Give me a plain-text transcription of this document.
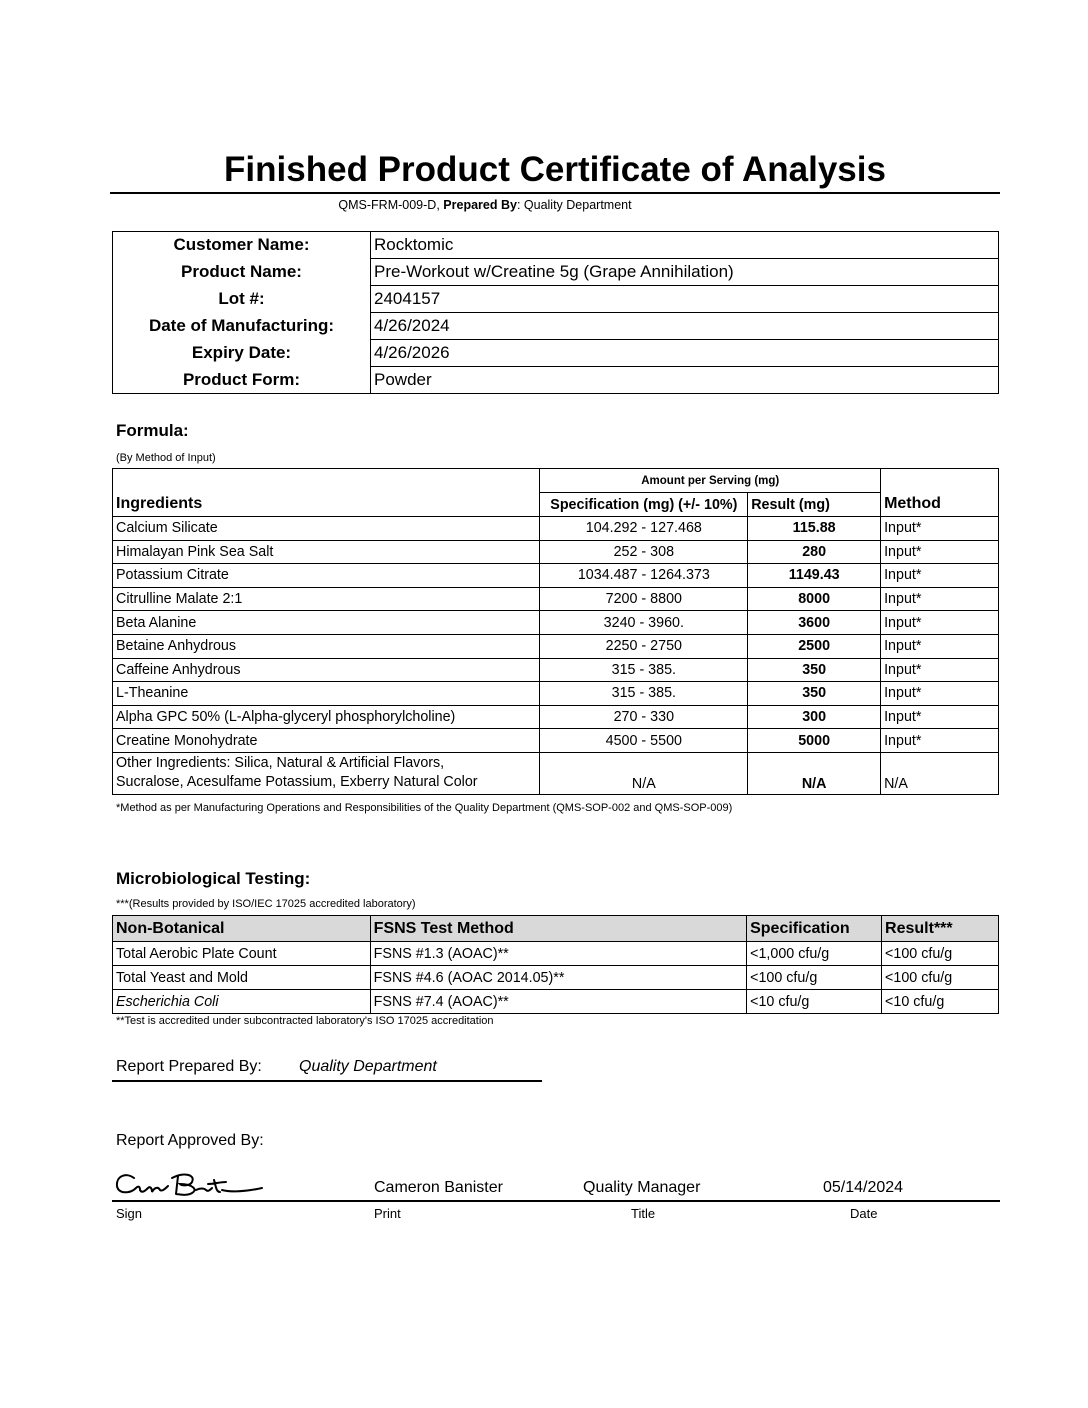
Finished Product Certificate of Analysis
QMS-FRM-009-D, Prepared By: Quality Department
Customer Name:	Rocktomic
Product Name:	Pre-Workout w/Creatine 5g (Grape Annihilation)
Lot #:	2404157
Date of Manufacturing:	4/26/2024
Expiry Date:	4/26/2026
Product Form:	Powder
Formula:
(By Method of Input)
Ingredients	Amount per Serving (mg)		Method
	Specification (mg) (+/- 10%)	Result (mg)	
Calcium Silicate	104.292 - 127.468	115.88	Input*
Himalayan Pink Sea Salt	252 - 308	280	Input*
Potassium Citrate	1034.487 - 1264.373	1149.43	Input*
Citrulline Malate 2:1	7200 - 8800	8000	Input*
Beta Alanine	3240 - 3960.	3600	Input*
Betaine Anhydrous	2250 - 2750	2500	Input*
Caffeine Anhydrous	315 - 385.	350	Input*
L-Theanine	315 - 385.	350	Input*
Alpha GPC 50% (L-Alpha-glyceryl phosphorylcholine)	270 - 330	300	Input*
Creatine Monohydrate	4500 - 5500	5000	Input*
Other Ingredients: Silica, Natural & Artificial Flavors,
Sucralose, Acesulfame Potassium, Exberry Natural Color	N/A	N/A	N/A
*Method as per Manufacturing Operations and Responsibilities of the Quality Department (QMS-SOP-002 and QMS-SOP-009)
Microbiological Testing:
***(Results provided by ISO/IEC 17025 accredited laboratory)
Non-Botanical	FSNS Test Method	Specification	Result***
Total Aerobic Plate Count	FSNS #1.3 (AOAC)**	<1,000 cfu/g	<100 cfu/g
Total Yeast and Mold	FSNS #4.6 (AOAC 2014.05)**	<100 cfu/g	<100 cfu/g
Escherichia Coli	FSNS #7.4 (AOAC)**	<10 cfu/g	<10 cfu/g
**Test is accredited under subcontracted laboratory's ISO 17025 accreditation
Report Prepared By: Quality Department
Report Approved By:
Cameron Banister	Quality Manager	05/14/2024
Sign	Print	Title	Date
